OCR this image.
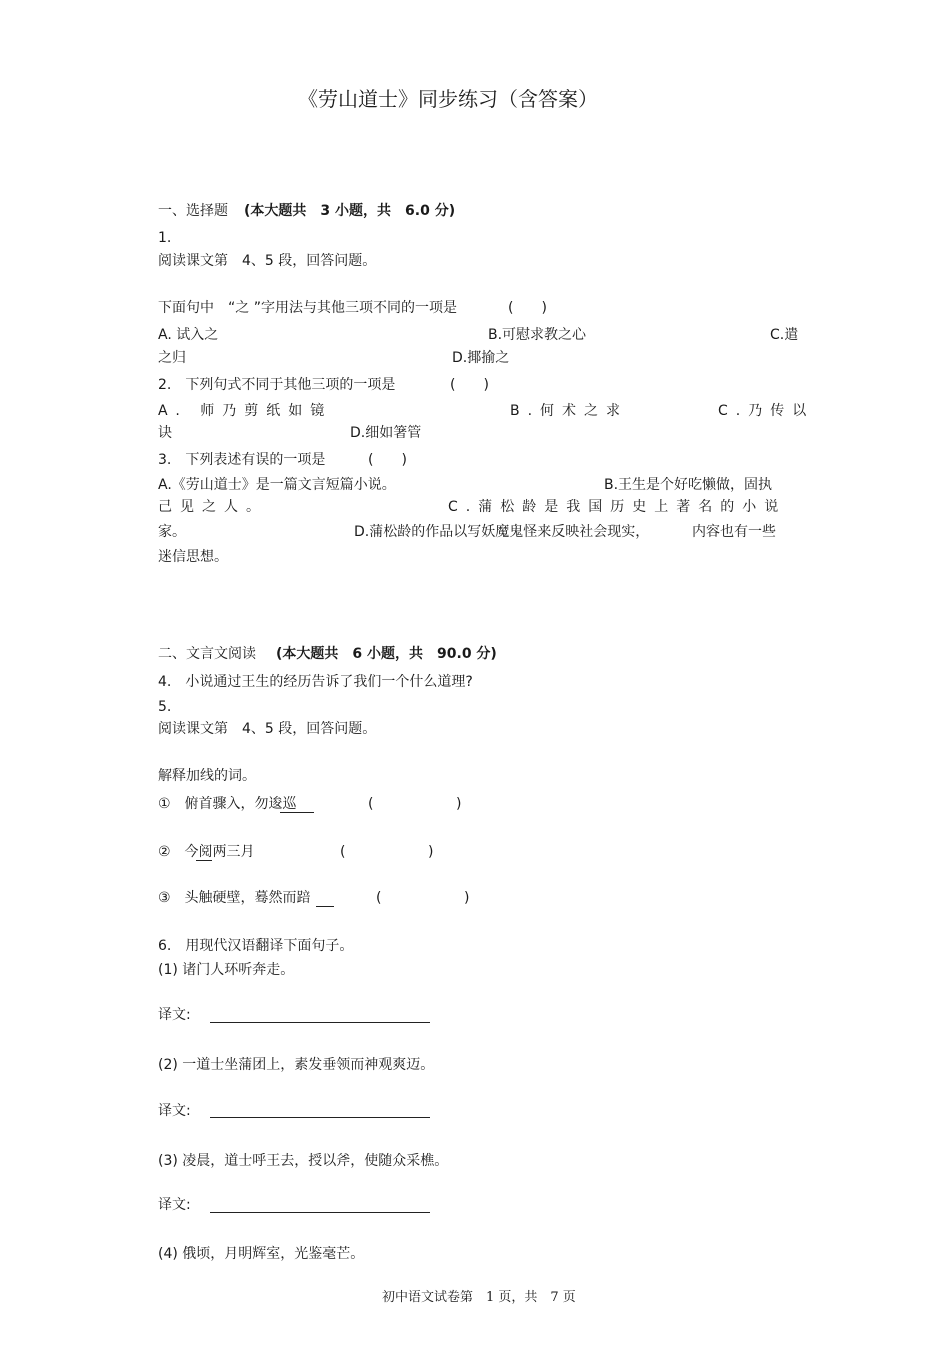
《劳山道士》同步练习（含答案）
一、选择题 (本大题共　3 小题，共　6.0 分)
1.
阅读课文第　4、5 段，回答问题。
下面句中　“之 ”字用法与其他三项不同的一项是	(　　)
A. 试入之	B.可慰求教之心	C.遣
之归	D.揶揄之
2.　下列句式不同于其他三项的一项是	(　　)
A. 师乃剪纸如镜	B.何术之求	C.乃传以
诀	D.细如箸管
3.　下列表述有误的一项是	(　　)
A.《劳山道士》是一篇文言短篇小说。	B.王生是个好吃懒做，固执
己见之人。	C.蒲松龄是我国历史上著名的小说
家。	D.蒲松龄的作品以写妖魔鬼怪来反映社会现实，	内容也有一些
迷信思想。
二、文言文阅读 (本大题共　6 小题，共　90.0 分)
4.　小说通过王生的经历告诉了我们一个什么道理?
5.
阅读课文第　4、5 段，回答问题。
解释加线的词。
①　俯首骤入，勿逡巡	(	)
②　今阅两三月	(	)
③　头触硬壁，蓦然而踣	(	)
6.　用现代汉语翻译下面句子。
(1) 诸门人环听奔走。
译文:
(2) 一道士坐蒲团上，素发垂领而神观爽迈。
译文:
(3) 凌晨，道士呼王去，授以斧，使随众采樵。
译文:
(4) 俄顷，月明辉室，光鉴毫芒。
初中语文试卷第　1 页，共　7 页
